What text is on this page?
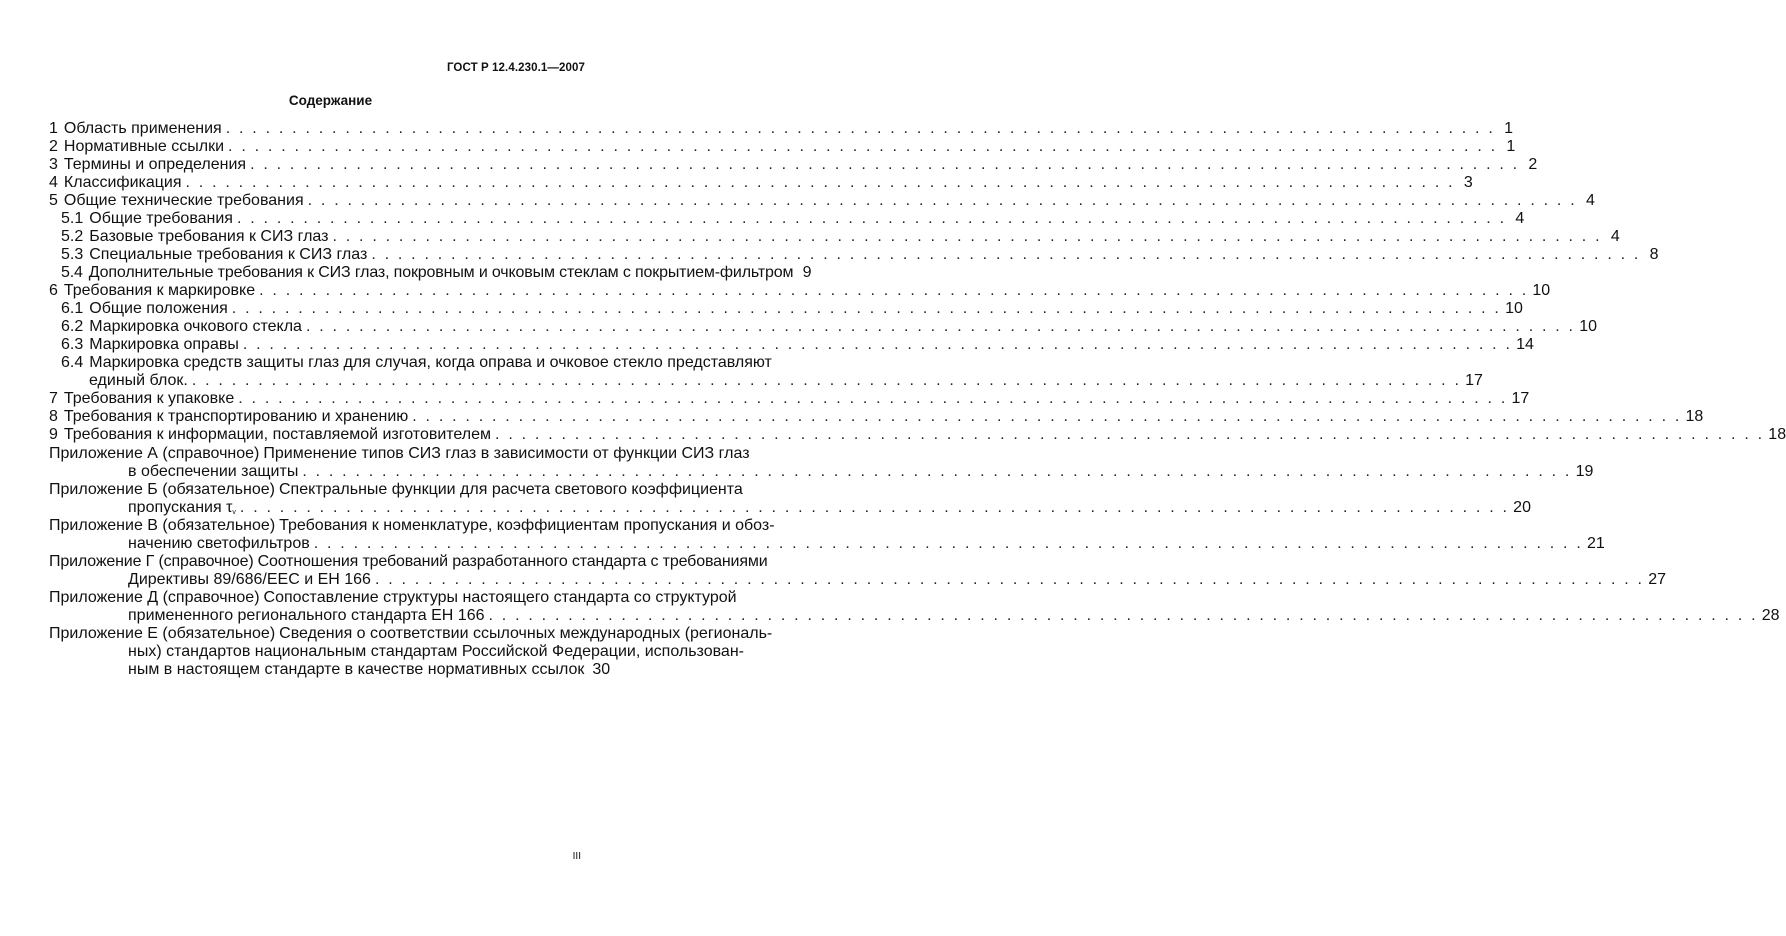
ГОСТ Р 12.4.230.1—2007
Содержание
1 Область применения . . .	1
2 Нормативные ссылки . . .	1
3 Термины и определения . . .	2
4 Классификация . . .	3
5 Общие технические требования . . .	4
5.1 Общие требования . . .	4
5.2 Базовые требования к СИЗ глаз . . .	4
5.3 Специальные требования к СИЗ глаз . . .	8
5.4 Дополнительные требования к СИЗ глаз, покровным и очковым стеклам с покрытием-фильтром 9
6 Требования к маркировке . . .	10
6.1 Общие положения . . .	10
6.2 Маркировка очкового стекла . . .	10
6.3 Маркировка оправы . . .	14
6.4 Маркировка средств защиты глаз для случая, когда оправа и очковое стекло представляют
единый блок. . . .	17
7 Требования к упаковке . . .	17
8 Требования к транспортированию и хранению . . .	18
9 Требования к информации, поставляемой изготовителем . . .	18
Приложение А (справочное) Применение типов СИЗ глаз в зависимости от функции СИЗ глаз
в обеспечении защиты . . .	19
Приложение Б (обязательное) Спектральные функции для расчета светового коэффициента
пропускания $\tau_v$ . . .	20
Приложение В (обязательное) Требования к номенклатуре, коэффициентам пропускания и обоз-
начению светофильтров . . .	21
Приложение Г (справочное) Соотношения требований разработанного стандарта с требованиями
Директивы 89/686/ЕЕС и ЕН 166 . . .	27
Приложение Д (справочное) Сопоставление структуры настоящего стандарта со структурой
примененного регионального стандарта ЕН 166 . . .	28
Приложение Е (обязательное) Сведения о соответствии ссылочных международных (региональ-
ных) стандартов национальным стандартам Российской Федерации, использован-
ным в настоящем стандарте в качестве нормативных ссылок 30
III
